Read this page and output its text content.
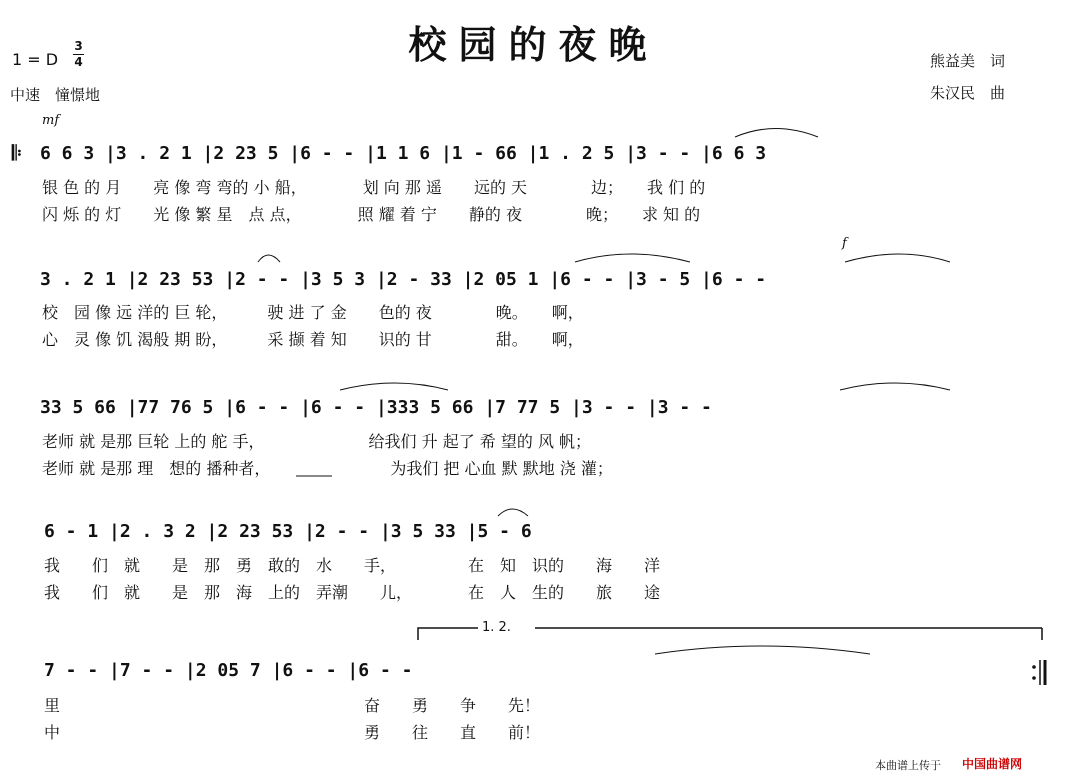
校园的夜晚
1 = D
3
4
中速　憧憬地
熊益美　词
朱汉民　曲
mf
f
𝄆 6 6 3 |3 . 2 1 |2 23 5 |6 - - |1 1 6 |1 - 66 |1 . 2 5 |3 - - |6 6 3
银 色 的 月　　亮 像 弯 弯的 小 船，　　　　划 向 那 遥　　远的 天　　　　边；　　我 们 的
闪 烁 的 灯　　光 像 繁 星　点 点，　　　　照 耀 着 宁　　静的 夜　　　　晚；　　求 知 的
3 . 2 1 |2 23 53 |2 - - |3 5 3 |2 - 33 |2 05 1 |6 - - |3 - 5 |6 - -
校　园 像 远 洋的 巨 轮，　　　驶 进 了 金　　色的 夜　　　　晚。　　啊，
心　灵 像 饥 渴般 期 盼，　　　采 撷 着 知　　识的 甘　　　　甜。　　啊，
33 5 66 |77 76 5 |6 - - |6 - - |333 5 66 |7 77 5 |3 - - |3 - -
老师 就 是那 巨轮 上的 舵 手，　　　　　　　给我们 升 起了 希 望的 风 帆；
老师 就 是那 理　想的 播种者，　　　　　　　　为我们 把 心血 默 默地 浇 灌；
6 - 1 |2 . 3 2 |2 23 53 |2 - - |3 5 33 |5 - 6
我　　们　就　　是　那　勇　敢的　水　　手，　　　　　在　知　识的　　海　　洋
我　　们　就　　是　那　海　上的　弄潮　　儿，　　　　在　人　生的　　旅　　途
1. 2.
7 - - |7 - - |2 05 7 |6 - - |6 - -
里　　　　　　　　　　　　　　　　　　　奋　　勇　　争　　先！
中　　　　　　　　　　　　　　　　　　　勇　　往　　直　　前！
本曲谱上传于 中国曲谱网
